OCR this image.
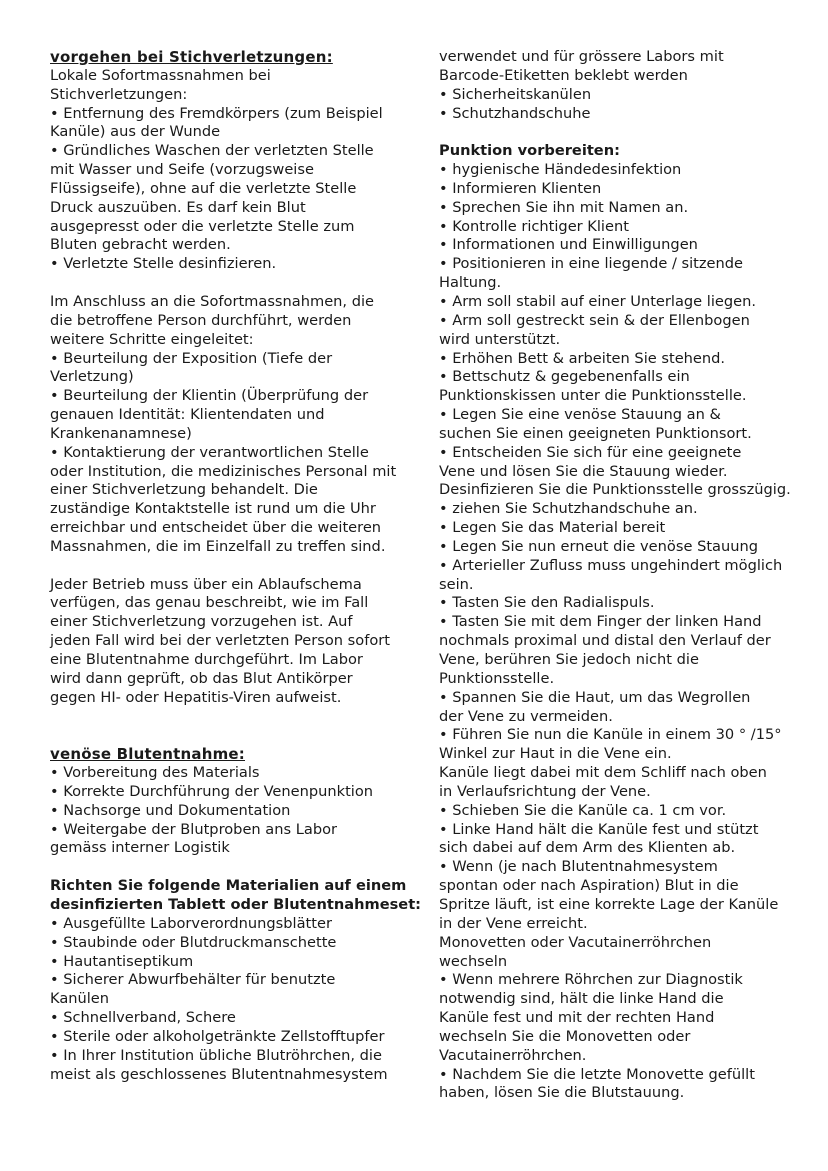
vorgehen bei Stichverletzungen:
Lokale Sofortmassnahmen bei
Stichverletzungen:
• Entfernung des Fremdkörpers (zum Beispiel
Kanüle) aus der Wunde
• Gründliches Waschen der verletzten Stelle
mit Wasser und Seife (vorzugsweise
Flüssigseife), ohne auf die verletzte Stelle
Druck auszuüben. Es darf kein Blut
ausgepresst oder die verletzte Stelle zum
Bluten gebracht werden.
• Verletzte Stelle desinfizieren.
Im Anschluss an die Sofortmassnahmen, die
die betroffene Person durchführt, werden
weitere Schritte eingeleitet:
• Beurteilung der Exposition (Tiefe der
Verletzung)
• Beurteilung der Klientin (Überprüfung der
genauen Identität: Klientendaten und
Krankenanamnese)
• Kontaktierung der verantwortlichen Stelle
oder Institution, die medizinisches Personal mit
einer Stichverletzung behandelt. Die
zuständige Kontaktstelle ist rund um die Uhr
erreichbar und entscheidet über die weiteren
Massnahmen, die im Einzelfall zu treffen sind.
Jeder Betrieb muss über ein Ablaufschema
verfügen, das genau beschreibt, wie im Fall
einer Stichverletzung vorzugehen ist. Auf
jeden Fall wird bei der verletzten Person sofort
eine Blutentnahme durchgeführt. Im Labor
wird dann geprüft, ob das Blut Antikörper
gegen HI- oder Hepatitis-Viren aufweist.
venöse Blutentnahme:
• Vorbereitung des Materials
• Korrekte Durchführung der Venenpunktion
• Nachsorge und Dokumentation
• Weitergabe der Blutproben ans Labor
gemäss interner Logistik
Richten Sie folgende Materialien auf einem
desinfizierten Tablett oder Blutentnahmeset:
• Ausgefüllte Laborverordnungsblätter
• Staubinde oder Blutdruckmanschette
• Hautantiseptikum
• Sicherer Abwurfbehälter für benutzte
Kanülen
• Schnellverband, Schere
• Sterile oder alkoholgetränkte Zellstofftupfer
• In Ihrer Institution übliche Blutröhrchen, die
meist als geschlossenes Blutentnahmesystem
verwendet und für grössere Labors mit
Barcode-Etiketten beklebt werden
• Sicherheitskanülen
• Schutzhandschuhe
Punktion vorbereiten:
• hygienische Händedesinfektion
• Informieren Klienten
• Sprechen Sie ihn mit Namen an.
• Kontrolle richtiger Klient
• Informationen und Einwilligungen
• Positionieren in eine liegende / sitzende
Haltung.
• Arm soll stabil auf einer Unterlage liegen.
• Arm soll gestreckt sein & der Ellenbogen
wird unterstützt.
• Erhöhen Bett & arbeiten Sie stehend.
• Bettschutz & gegebenenfalls ein
Punktionskissen unter die Punktionsstelle.
• Legen Sie eine venöse Stauung an &
suchen Sie einen geeigneten Punktionsort.
• Entscheiden Sie sich für eine geeignete
Vene und lösen Sie die Stauung wieder.
Desinfizieren Sie die Punktionsstelle grosszügig.
• ziehen Sie Schutzhandschuhe an.
• Legen Sie das Material bereit
• Legen Sie nun erneut die venöse Stauung
• Arterieller Zufluss muss ungehindert möglich
sein.
• Tasten Sie den Radialispuls.
• Tasten Sie mit dem Finger der linken Hand
nochmals proximal und distal den Verlauf der
Vene, berühren Sie jedoch nicht die
Punktionsstelle.
• Spannen Sie die Haut, um das Wegrollen
der Vene zu vermeiden.
• Führen Sie nun die Kanüle in einem 30 ° /15°
Winkel zur Haut in die Vene ein.
Kanüle liegt dabei mit dem Schliff nach oben
in Verlaufsrichtung der Vene.
• Schieben Sie die Kanüle ca. 1 cm vor.
• Linke Hand hält die Kanüle fest und stützt
sich dabei auf dem Arm des Klienten ab.
• Wenn (je nach Blutentnahmesystem
spontan oder nach Aspiration) Blut in die
Spritze läuft, ist eine korrekte Lage der Kanüle
in der Vene erreicht.
Monovetten oder Vacutainerröhrchen
wechseln
• Wenn mehrere Röhrchen zur Diagnostik
notwendig sind, hält die linke Hand die
Kanüle fest und mit der rechten Hand
wechseln Sie die Monovetten oder
Vacutainerröhrchen.
• Nachdem Sie die letzte Monovette gefüllt
haben, lösen Sie die Blutstauung.
